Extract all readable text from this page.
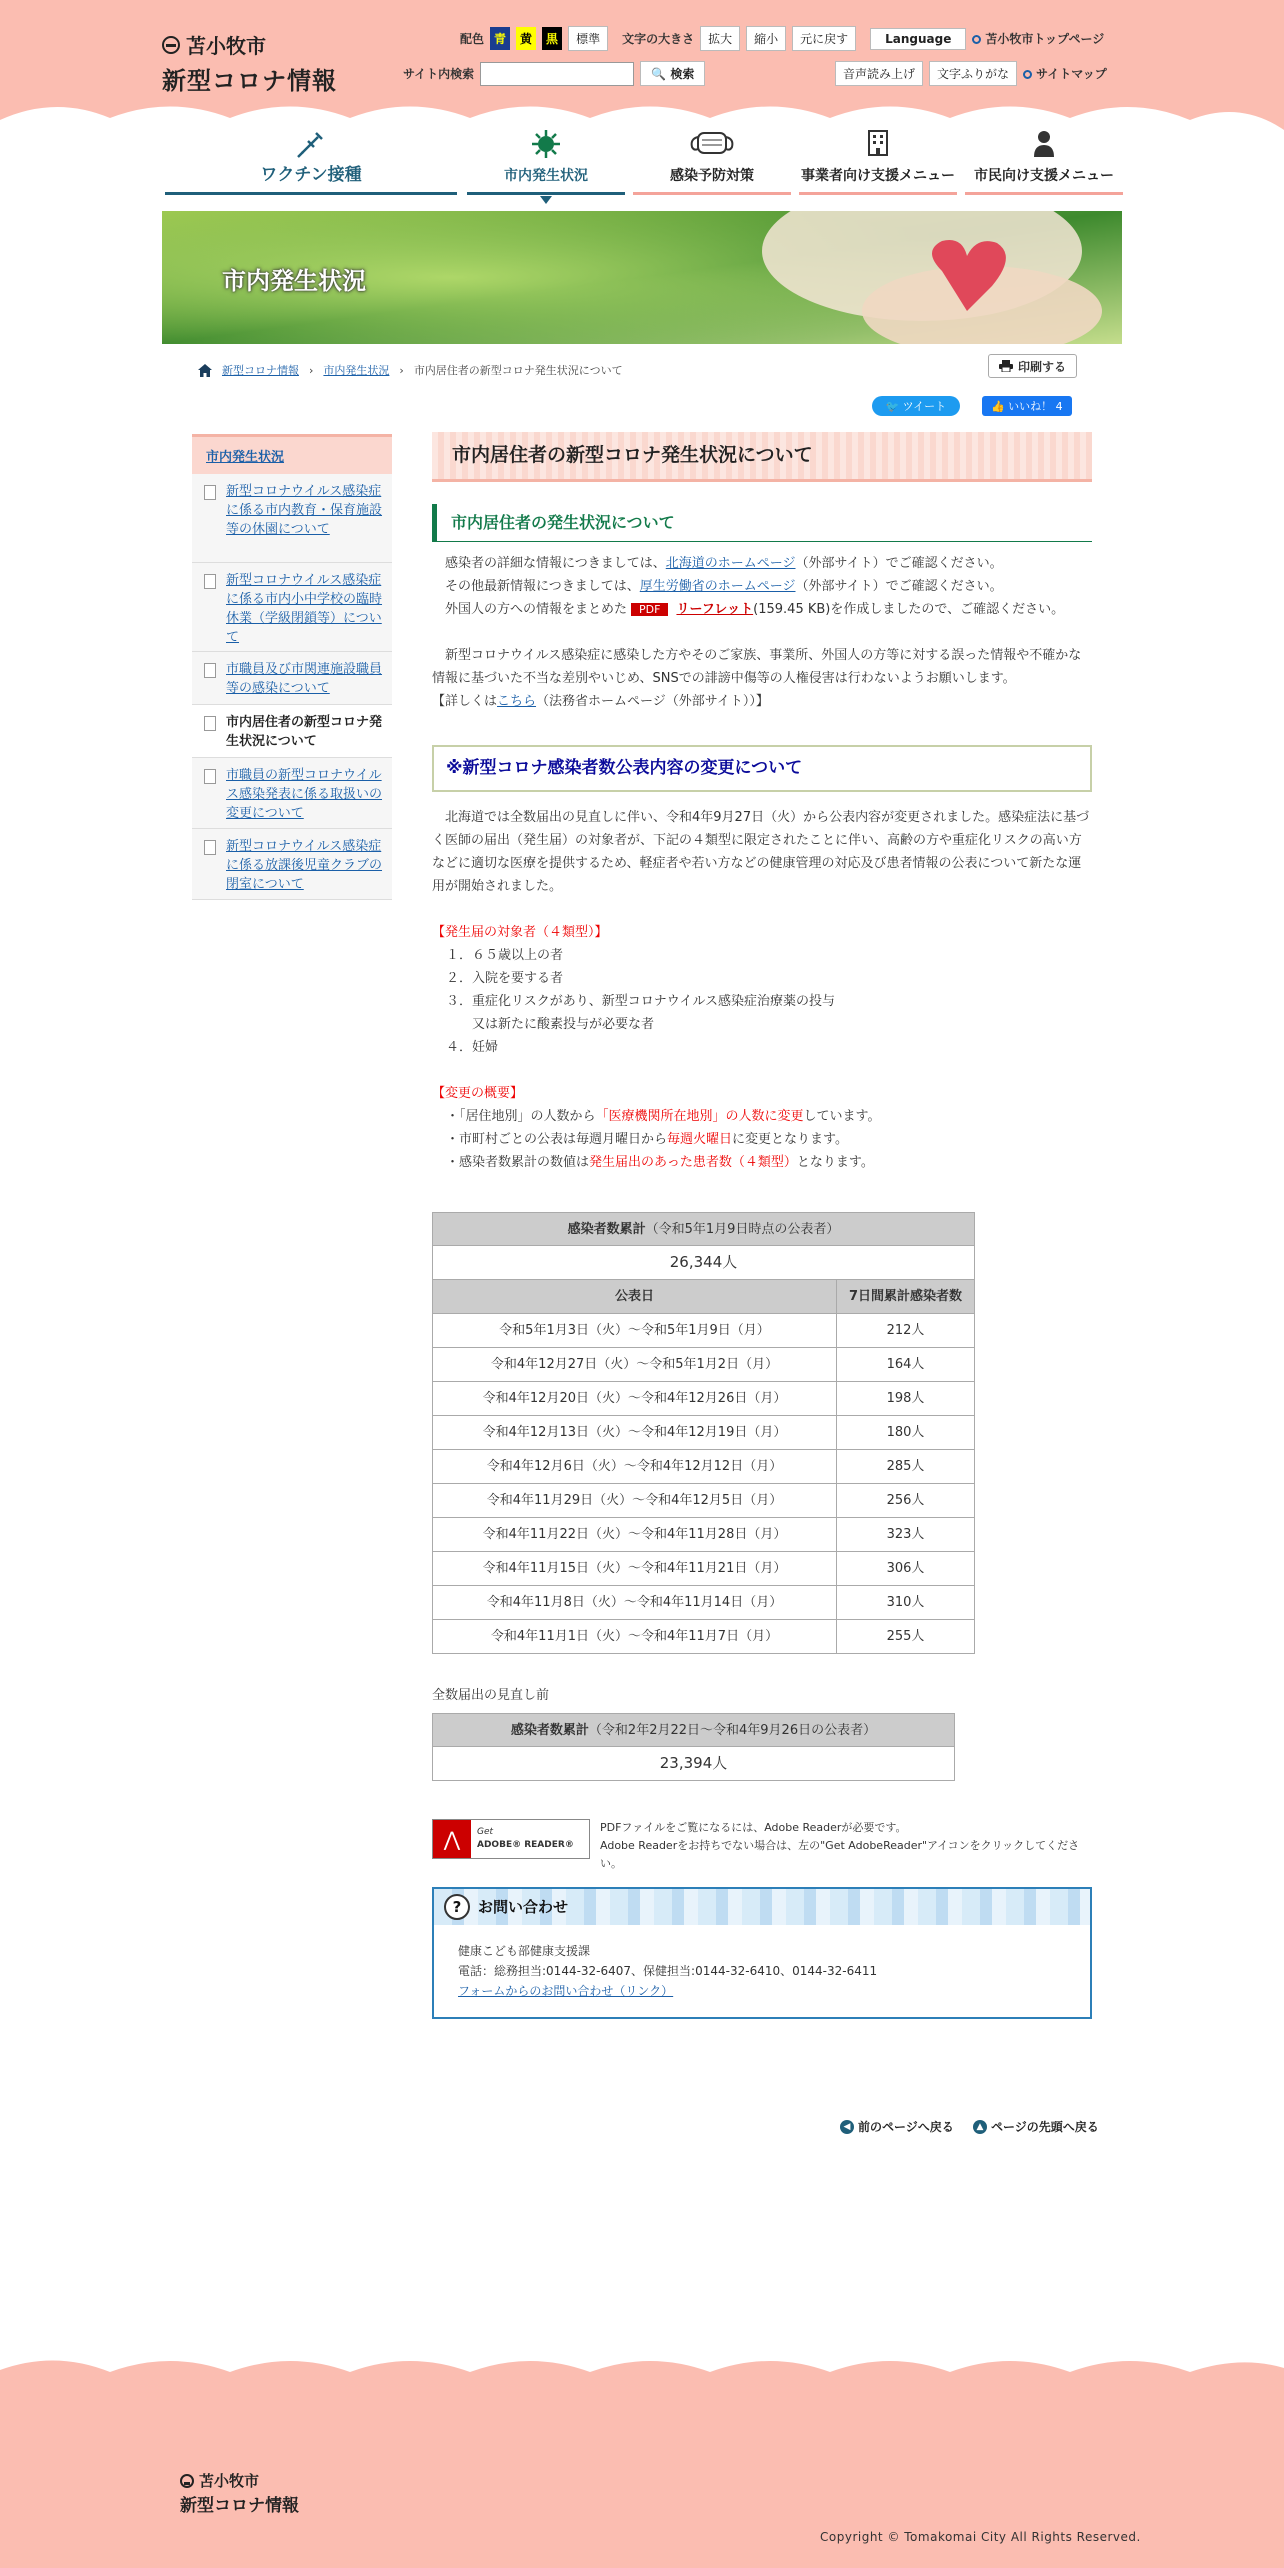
苫小牧市
新型コロナ情報
配色 青	黄	黒	標準	文字の大きさ	拡大	縮小	元に戻す	Language	苫小牧市トップページ
サイト内検索	🔍 検索	音声読み上げ	文字ふりがな	サイトマップ
ワクチン接種	市内発生状況	感染予防対策	事業者向け支援メニュー 市民向け支援メニュー
市内発生状況
新型コロナ情報 › 市内発生状況 › 市内居住者の新型コロナ発生状況について	印刷する
🐦 ツイート	👍 いいね！ 4
市内発生状況
新型コロナウイルス感染症に係る市内教育・保育施設等の休園について
新型コロナウイルス感染症に係る市内小中学校の臨時休業（学級閉鎖等）について
市職員及び市関連施設職員等の感染について
市内居住者の新型コロナ発生状況について
市職員の新型コロナウイルス感染発表に係る取扱いの変更について
新型コロナウイルス感染症に係る放課後児童クラブの閉室について
市内居住者の新型コロナ発生状況について
市内居住者の発生状況について
　感染者の詳細な情報につきましては、北海道のホームページ（外部サイト）でご確認ください。
　その他最新情報につきましては、厚生労働省のホームページ（外部サイト）でご確認ください。
　外国人の方への情報をまとめた PDF リーフレット(159.45 KB)を作成しましたので、ご確認ください。
　新型コロナウイルス感染症に感染した方やそのご家族、事業所、外国人の方等に対する誤った情報や不確かな情報に基づいた不当な差別やいじめ、SNSでの誹謗中傷等の人権侵害は行わないようお願いします。
【詳しくはこちら（法務省ホームページ（外部サイト））】
※新型コロナ感染者数公表内容の変更について
　北海道では全数届出の見直しに伴い、令和4年9月27日（火）から公表内容が変更されました。感染症法に基づく医師の届出（発生届）の対象者が、下記の４類型に限定されたことに伴い、高齢の方や重症化リスクの高い方などに適切な医療を提供するため、軽症者や若い方などの健康管理の対応及び患者情報の公表について新たな運用が開始されました。
【発生届の対象者（４類型）】
１．６５歳以上の者
２．入院を要する者
３．重症化リスクがあり、新型コロナウイルス感染症治療薬の投与
　　又は新たに酸素投与が必要な者
４．妊婦
【変更の概要】
・「居住地別」の人数から「医療機関所在地別」の人数に変更しています。
・市町村ごとの公表は毎週月曜日から毎週火曜日に変更となります。
・感染者数累計の数値は発生届出のあった患者数（４類型）となります。
感染者数累計（令和5年1月9日時点の公表者）	
26,344人	
公表日	7日間累計感染者数
令和5年1月3日（火）～令和5年1月9日（月）	212人
令和4年12月27日（火）～令和5年1月2日（月）	164人
令和4年12月20日（火）～令和4年12月26日（月）	198人
令和4年12月13日（火）～令和4年12月19日（月）	180人
令和4年12月6日（火）～令和4年12月12日（月）	285人
令和4年11月29日（火）～令和4年12月5日（月）	256人
令和4年11月22日（火）～令和4年11月28日（月）	323人
令和4年11月15日（火）～令和4年11月21日（月）	306人
令和4年11月8日（火）～令和4年11月14日（月）	310人
令和4年11月1日（火）～令和4年11月7日（月）	255人
全数届出の見直し前
感染者数累計（令和2年2月22日～令和4年9月26日の公表者）
23,394人
⋀	Get
ADOBE® READER®
PDFファイルをご覧になるには、Adobe Readerが必要です。
Adobe Readerをお持ちでない場合は、左の"Get AdobeReader"アイコンをクリックしてください。
?	お問い合わせ
健康こども部健康支援課
電話：総務担当:0144-32-6407、保健担当:0144-32-6410、0144-32-6411
フォームからのお問い合わせ（リンク）
◀ 前のページへ戻る	▲ ページの先頭へ戻る
苫小牧市
新型コロナ情報
Copyright © Tomakomai City All Rights Reserved.
